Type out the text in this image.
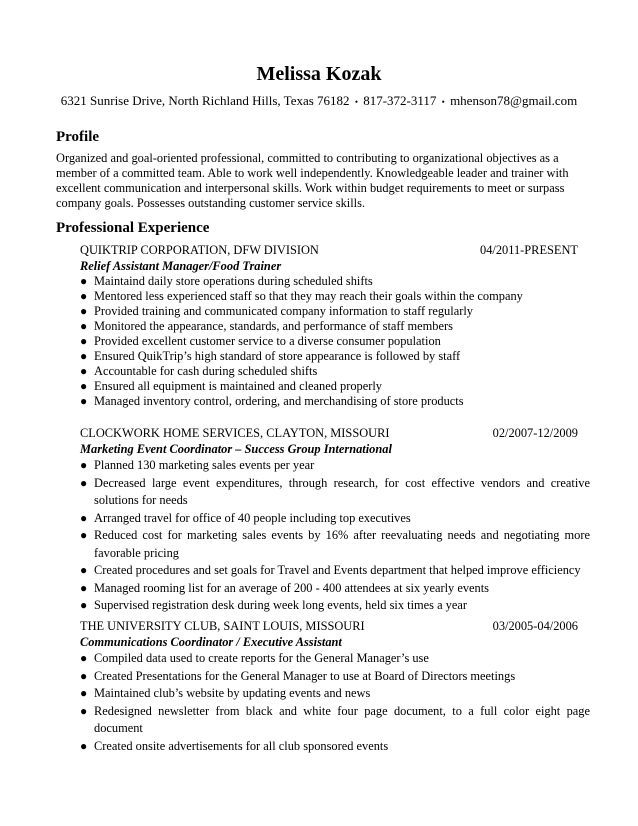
Melissa Kozak
6321 Sunrise Drive, North Richland Hills, Texas 76182 • 817-372-3117 • mhenson78@gmail.com
Profile
Organized and goal-oriented professional, committed to contributing to organizational objectives as a
member of a committed team. Able to work well independently. Knowledgeable leader and trainer with
excellent communication and interpersonal skills. Work within budget requirements to meet or surpass
company goals. Possesses outstanding customer service skills.
Professional Experience
QUIKTRIP CORPORATION, DFW DIVISION	04/2011-PRESENT
Relief Assistant Manager/Food Trainer
● Maintaind daily store operations during scheduled shifts
● Mentored less experienced staff so that they may reach their goals within the company
● Provided training and communicated company information to staff regularly
● Monitored the appearance, standards, and performance of staff members
● Provided excellent customer service to a diverse consumer population
● Ensured QuikTrip’s high standard of store appearance is followed by staff
● Accountable for cash during scheduled shifts
● Ensured all equipment is maintained and cleaned properly
● Managed inventory control, ordering, and merchandising of store products
CLOCKWORK HOME SERVICES, CLAYTON, MISSOURI	02/2007-12/2009
Marketing Event Coordinator – Success Group International
● Planned 130 marketing sales events per year
● Decreased large event expenditures, through research, for cost effective vendors and creative solutions for needs
● Arranged travel for office of 40 people including top executives
● Reduced cost for marketing sales events by 16% after reevaluating needs and negotiating more favorable pricing
● Created procedures and set goals for Travel and Events department that helped improve efficiency
● Managed rooming list for an average of 200 - 400 attendees at six yearly events
● Supervised registration desk during week long events, held six times a year
THE UNIVERSITY CLUB, SAINT LOUIS, MISSOURI	03/2005-04/2006
Communications Coordinator / Executive Assistant
● Compiled data used to create reports for the General Manager’s use
● Created Presentations for the General Manager to use at Board of Directors meetings
● Maintained club’s website by updating events and news
● Redesigned newsletter from black and white four page document, to a full color eight page document
● Created onsite advertisements for all club sponsored events
